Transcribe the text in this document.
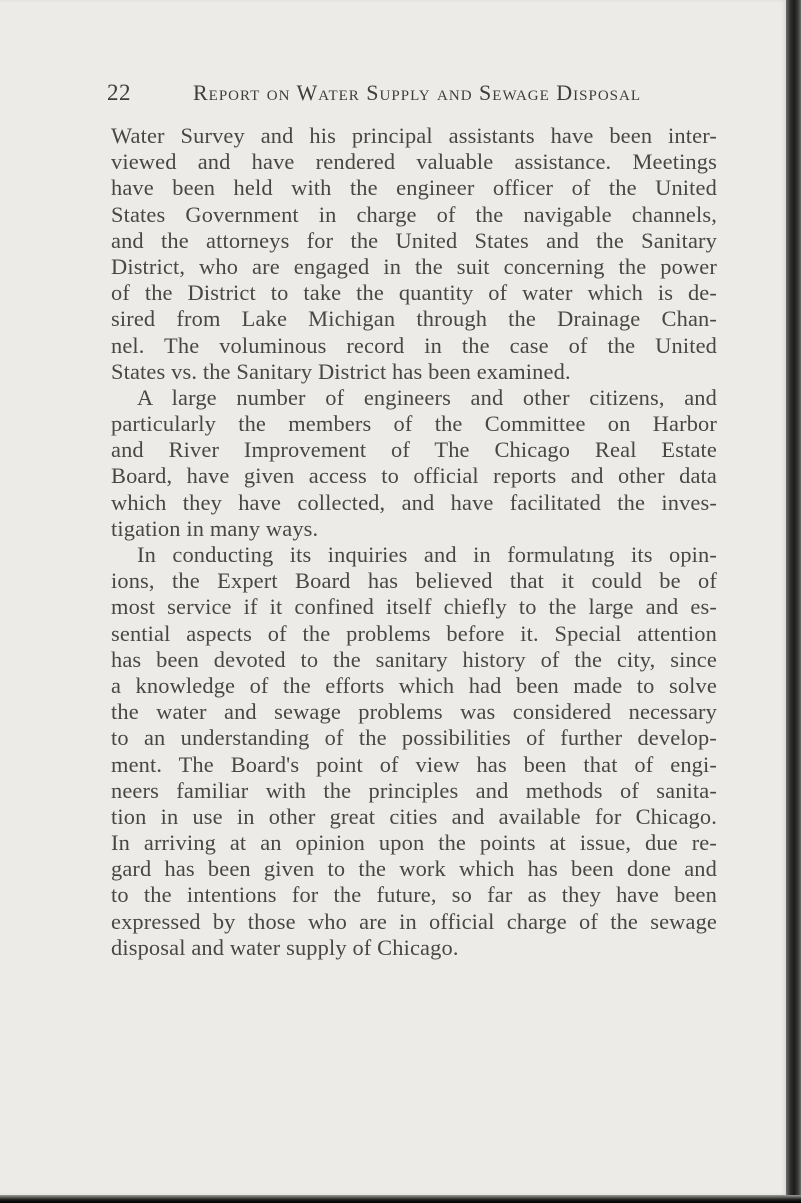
22	Report on Water Supply and Sewage Disposal
Water Survey and his principal assistants have been inter-
viewed and have rendered valuable assistance. Meetings
have been held with the engineer officer of the United
States Government in charge of the navigable channels,
and the attorneys for the United States and the Sanitary
District, who are engaged in the suit concerning the power
of the District to take the quantity of water which is de-
sired from Lake Michigan through the Drainage Chan-
nel. The voluminous record in the case of the United
States vs. the Sanitary District has been examined.
A large number of engineers and other citizens, and
particularly the members of the Committee on Harbor
and River Improvement of The Chicago Real Estate
Board, have given access to official reports and other data
which they have collected, and have facilitated the inves-
tigation in many ways.
In conducting its inquiries and in formulatıng its opin-
ions, the Expert Board has believed that it could be of
most service if it confined itself chiefly to the large and es-
sential aspects of the problems before it. Special attention
has been devoted to the sanitary history of the city, since
a knowledge of the efforts which had been made to solve
the water and sewage problems was considered necessary
to an understanding of the possibilities of further develop-
ment. The Board's point of view has been that of engi-
neers familiar with the principles and methods of sanita-
tion in use in other great cities and available for Chicago.
In arriving at an opinion upon the points at issue, due re-
gard has been given to the work which has been done and
to the intentions for the future, so far as they have been
expressed by those who are in official charge of the sewage
disposal and water supply of Chicago.
